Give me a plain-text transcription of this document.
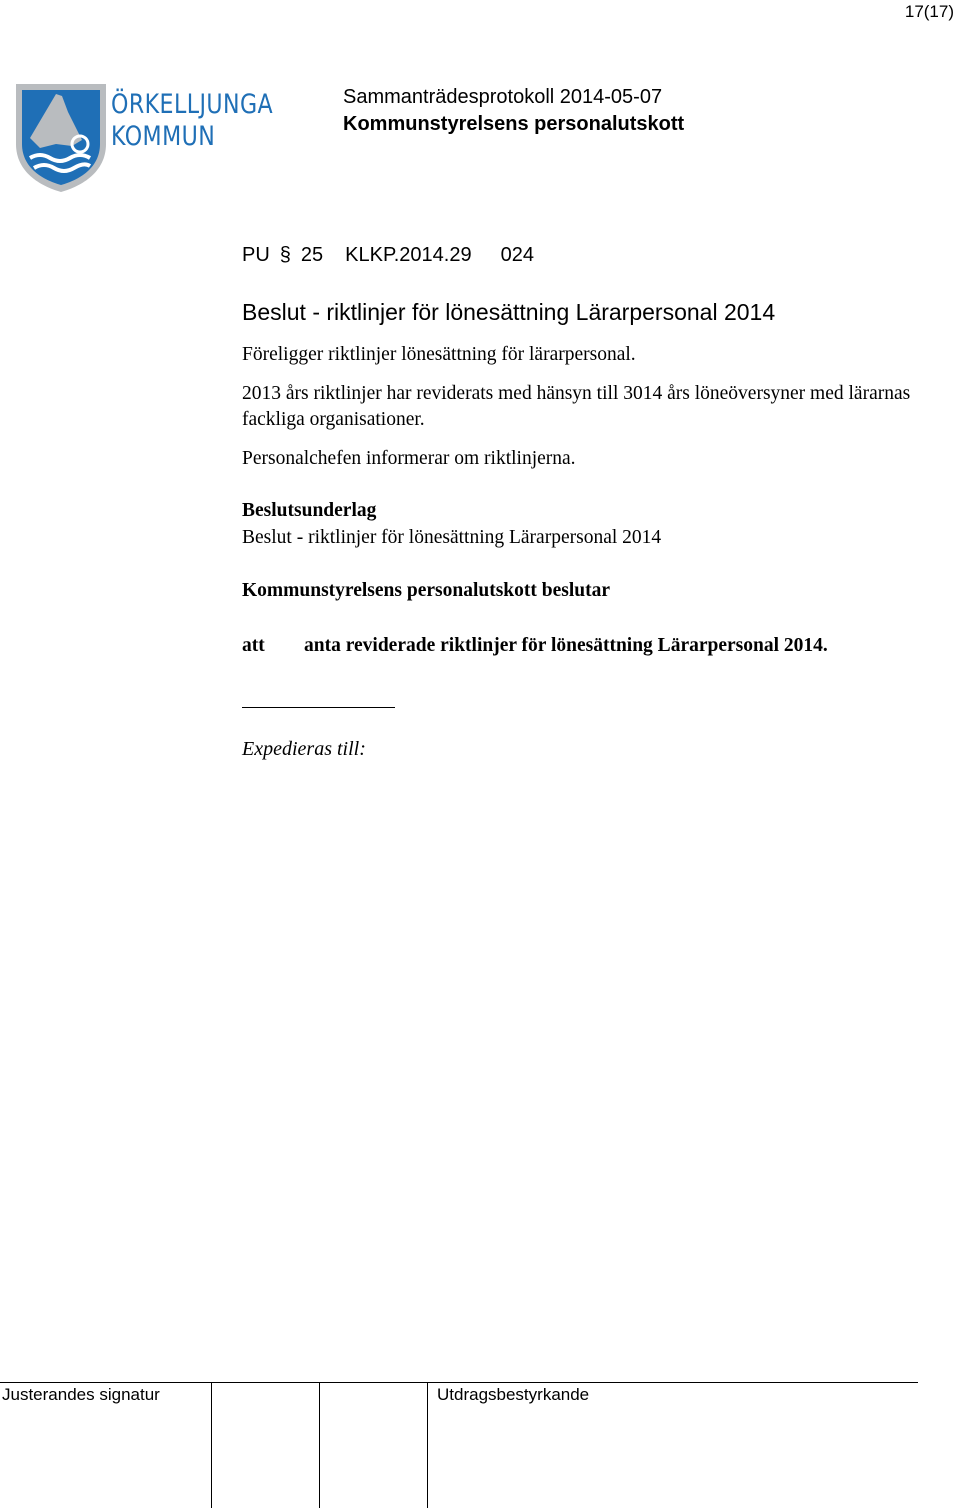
17(17)
ÖRKELLJUNGA
KOMMUN
Sammanträdesprotokoll 2014-05-07
Kommunstyrelsens personalutskott
PU § 25 KLKP.2014.29 024
Beslut - riktlinjer för lönesättning Lärarpersonal 2014
Föreligger riktlinjer lönesättning för lärarpersonal.
2013 års riktlinjer har reviderats med hänsyn till 3014 års löneöversyner med lärarnas fackliga organisationer.
Personalchefen informerar om riktlinjerna.
Beslutsunderlag
Beslut - riktlinjer för lönesättning Lärarpersonal 2014
Kommunstyrelsens personalutskott beslutar
att anta reviderade riktlinjer för lönesättning Lärarpersonal 2014.
Expedieras till:
Justerandes signatur	Utdragsbestyrkande
